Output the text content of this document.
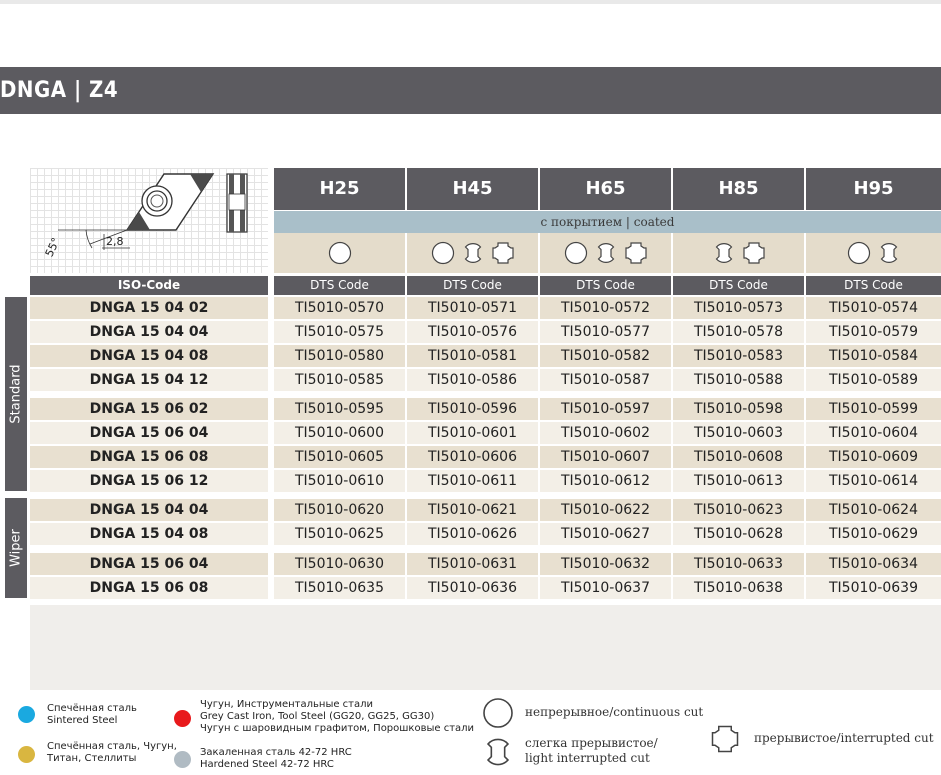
DNGA | Z4
55°	2,8
H25	H45	H65	H85	H95
с покрытием | coated
ISO-Code	DTS Code	DTS Code	DTS Code	DTS Code	DTS Code
Standard
Wiper
DNGA 15 04 02	TI5010-0570	TI5010-0571	TI5010-0572	TI5010-0573	TI5010-0574
DNGA 15 04 04	TI5010-0575	TI5010-0576	TI5010-0577	TI5010-0578	TI5010-0579
DNGA 15 04 08	TI5010-0580	TI5010-0581	TI5010-0582	TI5010-0583	TI5010-0584
DNGA 15 04 12	TI5010-0585	TI5010-0586	TI5010-0587	TI5010-0588	TI5010-0589
DNGA 15 06 02	TI5010-0595	TI5010-0596	TI5010-0597	TI5010-0598	TI5010-0599
DNGA 15 06 04	TI5010-0600	TI5010-0601	TI5010-0602	TI5010-0603	TI5010-0604
DNGA 15 06 08	TI5010-0605	TI5010-0606	TI5010-0607	TI5010-0608	TI5010-0609
DNGA 15 06 12	TI5010-0610	TI5010-0611	TI5010-0612	TI5010-0613	TI5010-0614
DNGA 15 04 04	TI5010-0620	TI5010-0621	TI5010-0622	TI5010-0623	TI5010-0624
DNGA 15 04 08	TI5010-0625	TI5010-0626	TI5010-0627	TI5010-0628	TI5010-0629
DNGA 15 06 04	TI5010-0630	TI5010-0631	TI5010-0632	TI5010-0633	TI5010-0634
DNGA 15 06 08	TI5010-0635	TI5010-0636	TI5010-0637	TI5010-0638	TI5010-0639
Спечённая сталь
Sintered Steel
Чугун, Инструментальные стали
Grey Cast Iron, Tool Steel (GG20, GG25, GG30)
Чугун с шаровидным графитом, Порошковые стали
Спечённая сталь, Чугун,
Титан, Стеллиты
Закаленная сталь 42-72 HRC
Hardened Steel 42-72 HRC
непрерывное/continuous cut
слегка прерывистое/
light interrupted cut
прерывистое/interrupted cut
